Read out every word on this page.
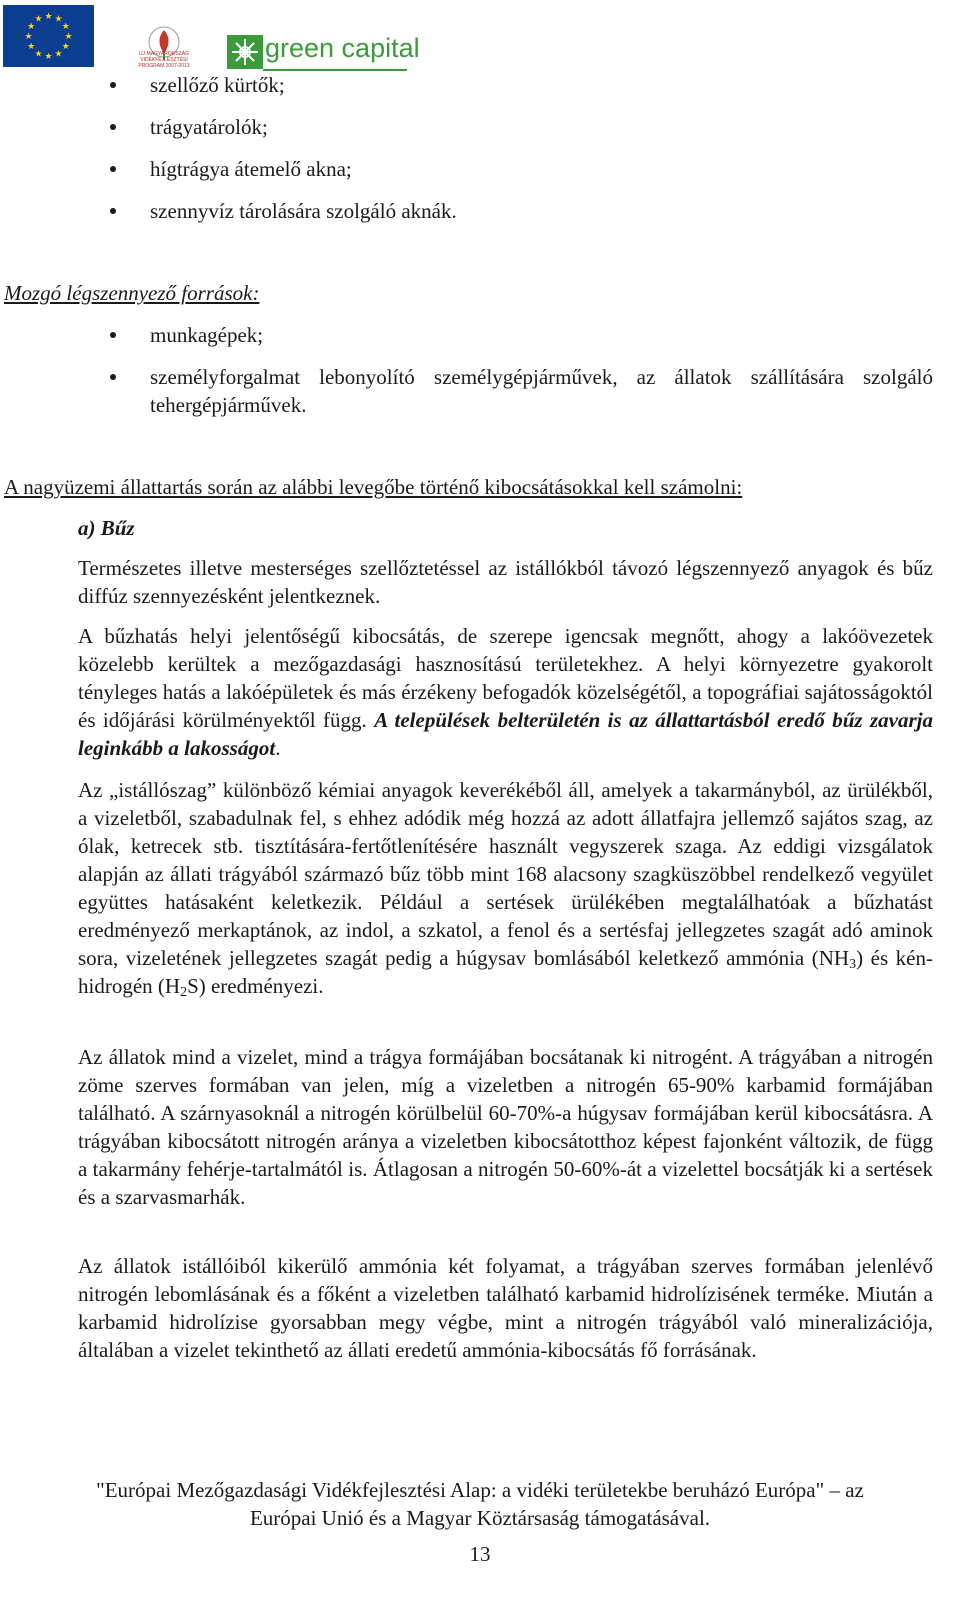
★ ★
★
★
★
★
★
★
★
★
★
★
ÚJ MAGYARORSZÁG VIDÉKFEJLESZTÉSI PROGRAM 2007-2013
green capital
szellőző kürtők;
trágyatárolók;
hígtrágya átemelő akna;
szennyvíz tárolására szolgáló aknák.
Mozgó légszennyező források:
munkagépek;
személyforgalmat lebonyolító személygépjárművek, az állatok szállítására szolgáló tehergépjárművek.
A nagyüzemi állattartás során az alábbi levegőbe történő kibocsátásokkal kell számolni:
a) Bűz
Természetes illetve mesterséges szellőztetéssel az istállókból távozó légszennyező anyagok és bűz diffúz szennyezésként jelentkeznek.
A bűzhatás helyi jelentőségű kibocsátás, de szerepe igencsak megnőtt, ahogy a lakóövezetek közelebb kerültek a mezőgazdasági hasznosítású területekhez. A helyi környezetre gyakorolt tényleges hatás a lakóépületek és más érzékeny befogadók közelségétől, a topográfiai sajátosságoktól és időjárási körülményektől függ. A települések belterületén is az állattartásból eredő bűz zavarja leginkább a lakosságot.
Az „istállószag” különböző kémiai anyagok keverékéből áll, amelyek a takarmányból, az ürülékből, a vizeletből, szabadulnak fel, s ehhez adódik még hozzá az adott állatfajra jellemző sajátos szag, az ólak, ketrecek stb. tisztítására-fertőtlenítésére használt vegyszerek szaga. Az eddigi vizsgálatok alapján az állati trágyából származó bűz több mint 168 alacsony szagküszöbbel rendelkező vegyület együttes hatásaként keletkezik. Például a sertések ürülékében megtalálhatóak a bűzhatást eredményező merkaptánok, az indol, a szkatol, a fenol és a sertésfaj jellegzetes szagát adó aminok sora, vizeletének jellegzetes szagát pedig a húgysav bomlásából keletkező ammónia $(NH_3)$ és kén-hidrogén $(H_2S)$ eredményezi.
Az állatok mind a vizelet, mind a trágya formájában bocsátanak ki nitrogént. A trágyában a nitrogén zöme szerves formában van jelen, míg a vizeletben a nitrogén 65-90% karbamid formájában található. A szárnyasoknál a nitrogén körülbelül 60-70%-a húgysav formájában kerül kibocsátásra. A trágyában kibocsátott nitrogén aránya a vizeletben kibocsátotthoz képest fajonként változik, de függ a takarmány fehérje-tartalmától is. Átlagosan a nitrogén 50-60%-át a vizelettel bocsátják ki a sertések és a szarvasmarhák.
Az állatok istállóiból kikerülő ammónia két folyamat, a trágyában szerves formában jelenlévő nitrogén lebomlásának és a főként a vizeletben található karbamid hidrolízisének terméke. Miután a karbamid hidrolízise gyorsabban megy végbe, mint a nitrogén trágyából való mineralizációja, általában a vizelet tekinthető az állati eredetű ammónia-kibocsátás fő forrásának.
"Európai Mezőgazdasági Vidékfejlesztési Alap: a vidéki területekbe beruházó Európa" – az
Európai Unió és a Magyar Köztársaság támogatásával.
13
